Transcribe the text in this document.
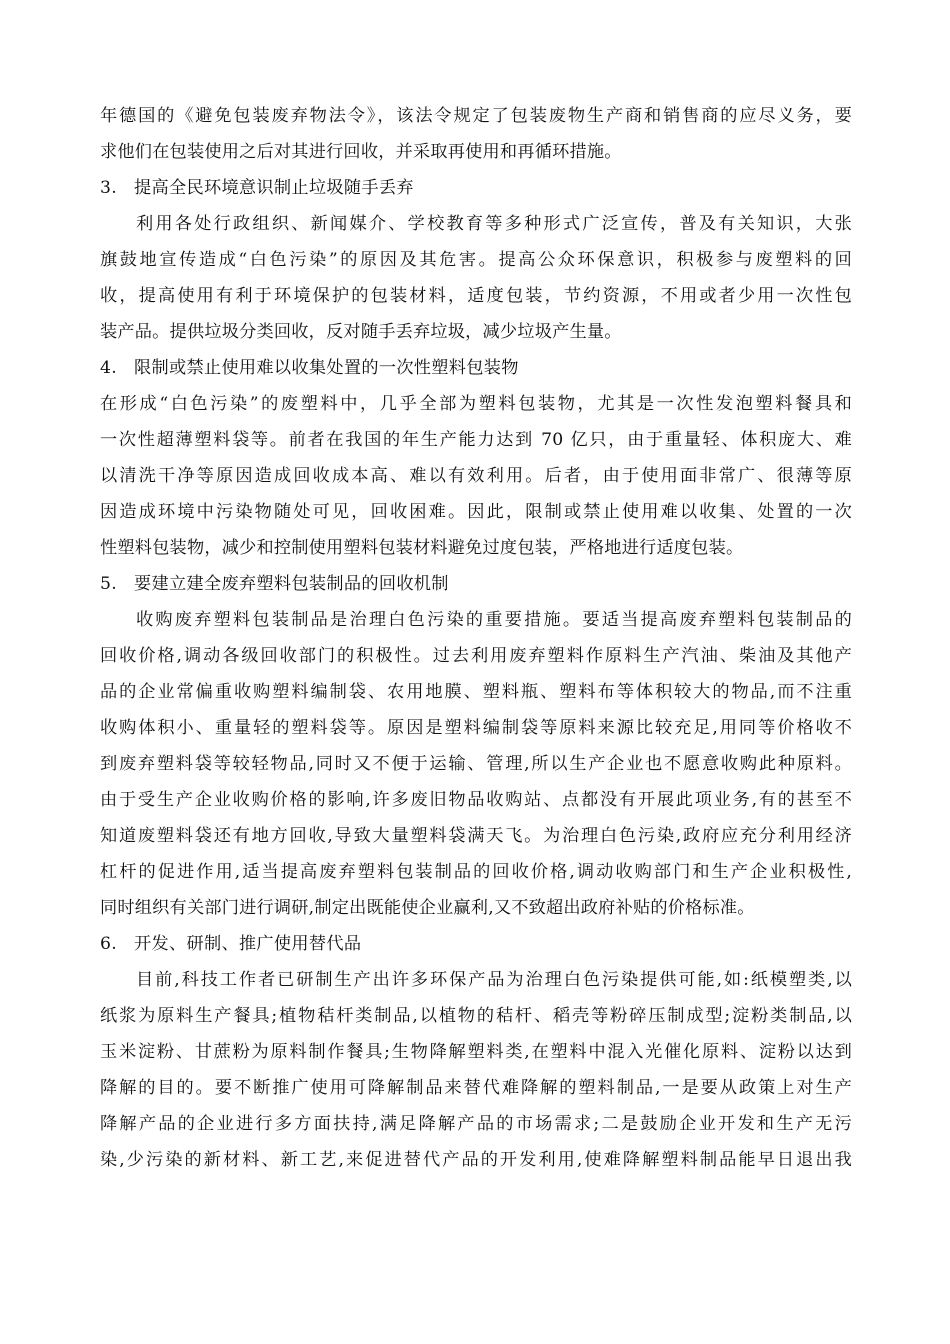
年德国的《避免包装废弃物法令》，该法令规定了包装废物生产商和销售商的应尽义务，要
求他们在包装使用之后对其进行回收，并采取再使用和再循环措施。
3. 提高全民环境意识制止垃圾随手丢弃
利用各处行政组织、新闻媒介、学校教育等多种形式广泛宣传，普及有关知识，大张
旗鼓地宣传造成“白色污染”的原因及其危害。提高公众环保意识，积极参与废塑料的回
收，提高使用有利于环境保护的包装材料，适度包装，节约资源，不用或者少用一次性包
装产品。提供垃圾分类回收，反对随手丢弃垃圾，减少垃圾产生量。
4. 限制或禁止使用难以收集处置的一次性塑料包装物
在形成“白色污染”的废塑料中，几乎全部为塑料包装物，尤其是一次性发泡塑料餐具和
一次性超薄塑料袋等。前者在我国的年生产能力达到 70 亿只，由于重量轻、体积庞大、难
以清洗干净等原因造成回收成本高、难以有效利用。后者，由于使用面非常广、很薄等原
因造成环境中污染物随处可见，回收困难。因此，限制或禁止使用难以收集、处置的一次
性塑料包装物，减少和控制使用塑料包装材料避免过度包装，严格地进行适度包装。
5. 要建立建全废弃塑料包装制品的回收机制
收购废弃塑料包装制品是治理白色污染的重要措施。要适当提高废弃塑料包装制品的
回收价格,调动各级回收部门的积极性。过去利用废弃塑料作原料生产汽油、柴油及其他产
品的企业常偏重收购塑料编制袋、农用地膜、塑料瓶、塑料布等体积较大的物品,而不注重
收购体积小、重量轻的塑料袋等。原因是塑料编制袋等原料来源比较充足,用同等价格收不
到废弃塑料袋等较轻物品,同时又不便于运输、管理,所以生产企业也不愿意收购此种原料。
由于受生产企业收购价格的影响,许多废旧物品收购站、点都没有开展此项业务,有的甚至不
知道废塑料袋还有地方回收,导致大量塑料袋满天飞。为治理白色污染,政府应充分利用经济
杠杆的促进作用,适当提高废弃塑料包装制品的回收价格,调动收购部门和生产企业积极性,
同时组织有关部门进行调研,制定出既能使企业赢利,又不致超出政府补贴的价格标准。
6. 开发、研制、推广使用替代品
目前,科技工作者已研制生产出许多环保产品为治理白色污染提供可能,如:纸模塑类,以
纸浆为原料生产餐具;植物秸杆类制品,以植物的秸杆、稻壳等粉碎压制成型;淀粉类制品,以
玉米淀粉、甘蔗粉为原料制作餐具;生物降解塑料类,在塑料中混入光催化原料、淀粉以达到
降解的目的。要不断推广使用可降解制品来替代难降解的塑料制品,一是要从政策上对生产
降解产品的企业进行多方面扶持,满足降解产品的市场需求;二是鼓励企业开发和生产无污
染,少污染的新材料、新工艺,来促进替代产品的开发利用,使难降解塑料制品能早日退出我
